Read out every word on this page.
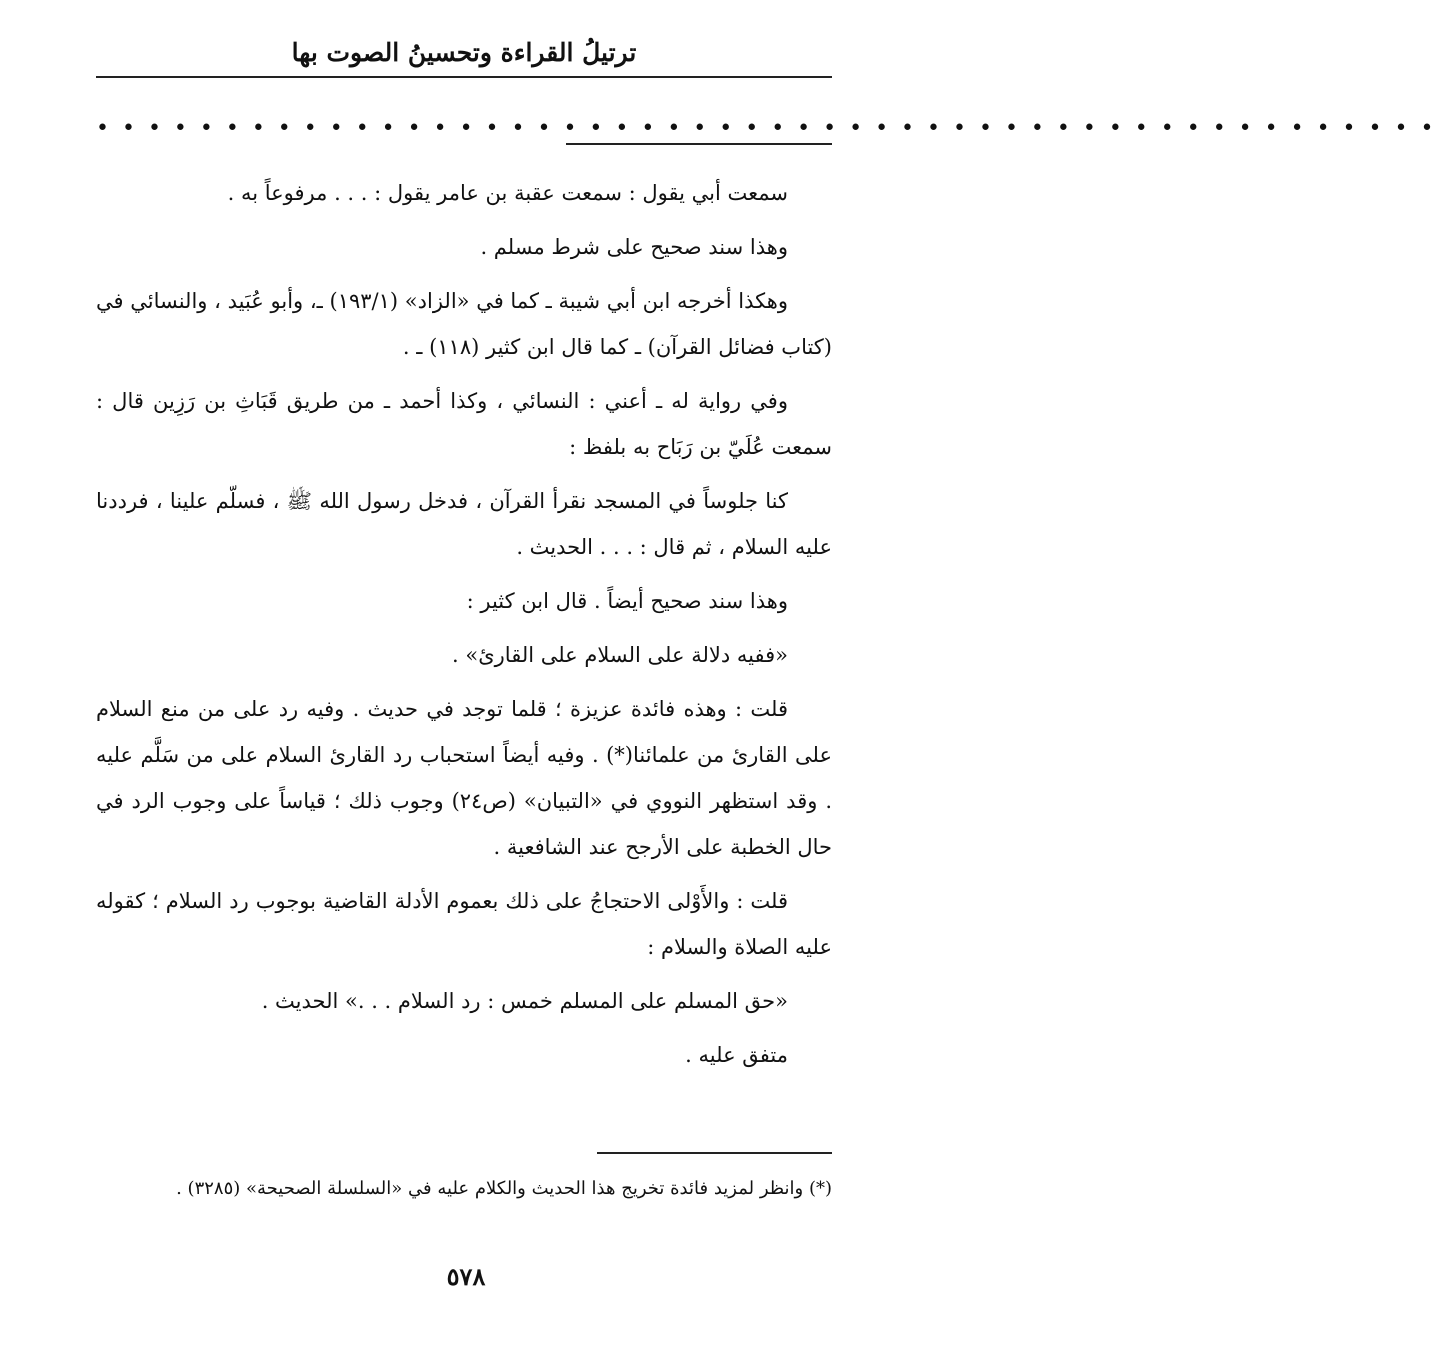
ترتيلُ القراءة وتحسينُ الصوت بها
• • • • • • • • • • • • • • • • • • • • • • • • • • • • • • • • • • • • • • • • • • • • • • • • • • • •

سمعت أبي يقول : سمعت عقبة بن عامر يقول : . . . مرفوعاً به .

وهذا سند صحيح على شرط مسلم .

وهكذا أخرجه ابن أبي شيبة ـ كما في «الزاد» (١٩٣/١) ـ، وأبو عُبَيد ، والنسائي في (كتاب فضائل القرآن) ـ كما قال ابن كثير (١١٨) ـ .

وفي رواية له ـ أعني : النسائي ، وكذا أحمد ـ من طريق قَبَاثِ بن رَزِين قال : سمعت عُلَيّ بن رَبَاح به بلفظ :

كنا جلوساً في المسجد نقرأ القرآن ، فدخل رسول الله ﷺ ، فسلّم علينا ، فرددنا عليه السلام ، ثم قال : . . . الحديث .

وهذا سند صحيح أيضاً . قال ابن كثير :

«ففيه دلالة على السلام على القارئ» .

قلت : وهذه فائدة عزيزة ؛ قلما توجد في حديث . وفيه رد على من منع السلام على القارئ من علمائنا(*) . وفيه أيضاً استحباب رد القارئ السلام على من سَلَّم عليه . وقد استظهر النووي في «التبيان» (ص٢٤) وجوب ذلك ؛ قياساً على وجوب الرد في حال الخطبة على الأرجح عند الشافعية .

قلت : والأَوْلى الاحتجاجُ على ذلك بعموم الأدلة القاضية بوجوب رد السلام ؛ كقوله عليه الصلاة والسلام :

«حق المسلم على المسلم خمس : رد السلام . . .» الحديث .

متفق عليه .

(*) وانظر لمزيد فائدة تخريج هذا الحديث والكلام عليه في «السلسلة الصحيحة» (٣٢٨٥) .
٥٧٨
